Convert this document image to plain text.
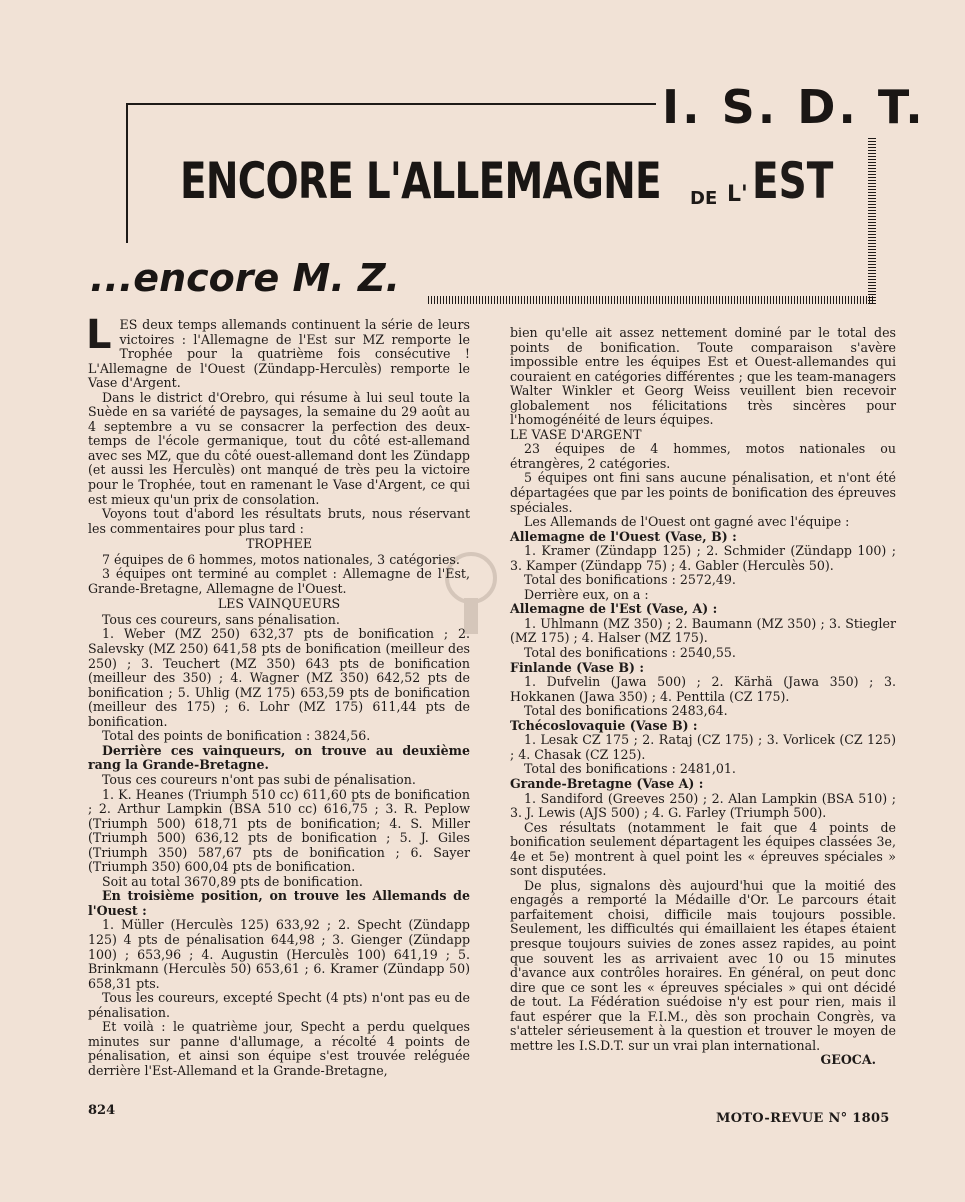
I. S. D. T.
ENCORE L'ALLEMAGNE	DE L' EST
...encore M. Z.

LES deux temps allemands continuent la série de leurs victoires : l'Allemagne de l'Est sur MZ remporte le Trophée pour la quatrième fois consécutive ! L'Allemagne de l'Ouest (Zündapp-Herculès) remporte le Vase d'Argent.

Dans le district d'Orebro, qui résume à lui seul toute la Suède en sa variété de paysages, la semaine du 29 août au 4 septembre a vu se consacrer la perfection des deux-temps de l'école germanique, tout du côté est-allemand avec ses MZ, que du côté ouest-allemand dont les Zündapp (et aussi les Herculès) ont manqué de très peu la victoire pour le Trophée, tout en ramenant le Vase d'Argent, ce qui est mieux qu'un prix de consolation.

Voyons tout d'abord les résultats bruts, nous réservant les commentaires pour plus tard :

TROPHEE

7 équipes de 6 hommes, motos nationales, 3 catégories.

3 équipes ont terminé au complet : Allemagne de l'Est, Grande-Bretagne, Allemagne de l'Ouest.

LES VAINQUEURS

Tous ces coureurs, sans pénalisation.

1. Weber (MZ 250) 632,37 pts de bonification ; 2. Salevsky (MZ 250) 641,58 pts de bonification (meilleur des 250) ; 3. Teuchert (MZ 350) 643 pts de bonification (meilleur des 350) ; 4. Wagner (MZ 350) 642,52 pts de bonification ; 5. Uhlig (MZ 175) 653,59 pts de bonification (meilleur des 175) ; 6. Lohr (MZ 175) 611,44 pts de bonification.

Total des points de bonification : 3824,56.

Derrière ces vainqueurs, on trouve au deuxième rang la Grande-Bretagne.

Tous ces coureurs n'ont pas subi de pénalisation.

1. K. Heanes (Triumph 510 cc) 611,60 pts de bonification ; 2. Arthur Lampkin (BSA 510 cc) 616,75 ; 3. R. Peplow (Triumph 500) 618,71 pts de bonification; 4. S. Miller (Triumph 500) 636,12 pts de bonification ; 5. J. Giles (Triumph 350) 587,67 pts de bonification ; 6. Sayer (Triumph 350) 600,04 pts de bonification.

Soit au total 3670,89 pts de bonification.

En troisième position, on trouve les Allemands de l'Ouest :

1. Müller (Herculès 125) 633,92 ; 2. Specht (Zündapp 125) 4 pts de pénalisation 644,98 ; 3. Gienger (Zündapp 100) ; 653,96 ; 4. Augustin (Herculès 100) 641,19 ; 5. Brinkmann (Herculès 50) 653,61 ; 6. Kramer (Zündapp 50) 658,31 pts.

Tous les coureurs, excepté Specht (4 pts) n'ont pas eu de pénalisation.

Et voilà : le quatrième jour, Specht a perdu quelques minutes sur panne d'allumage, a récolté 4 points de pénalisation, et ainsi son équipe s'est trouvée reléguée derrière l'Est-Allemand et la Grande-Bretagne,

bien qu'elle ait assez nettement dominé par le total des points de bonification. Toute comparaison s'avère impossible entre les équipes Est et Ouest-allemandes qui couraient en catégories différentes ; que les team-managers Walter Winkler et Georg Weiss veuillent bien recevoir globalement nos félicitations très sincères pour l'homogénéité de leurs équipes.

LE VASE D'ARGENT

23 équipes de 4 hommes, motos nationales ou étrangères, 2 catégories.

5 équipes ont fini sans aucune pénalisation, et n'ont été départagées que par les points de bonification des épreuves spéciales.

Les Allemands de l'Ouest ont gagné avec l'équipe :

Allemagne de l'Ouest (Vase, B) :

1. Kramer (Zündapp 125) ; 2. Schmider (Zündapp 100) ; 3. Kamper (Zündapp 75) ; 4. Gabler (Herculès 50).

Total des bonifications : 2572,49.

Derrière eux, on a :

Allemagne de l'Est (Vase, A) :

1. Uhlmann (MZ 350) ; 2. Baumann (MZ 350) ; 3. Stiegler (MZ 175) ; 4. Halser (MZ 175).

Total des bonifications : 2540,55.

Finlande (Vase B) :

1. Dufvelin (Jawa 500) ; 2. Kärhä (Jawa 350) ; 3. Hokkanen (Jawa 350) ; 4. Penttila (CZ 175).

Total des bonifications 2483,64.

Tchécoslovaquie (Vase B) :

1. Lesak CZ 175 ; 2. Rataj (CZ 175) ; 3. Vorlicek (CZ 125) ; 4. Chasak (CZ 125).

Total des bonifications : 2481,01.

Grande-Bretagne (Vase A) :

1. Sandiford (Greeves 250) ; 2. Alan Lampkin (BSA 510) ; 3. J. Lewis (AJS 500) ; 4. G. Farley (Triumph 500).

Ces résultats (notamment le fait que 4 points de bonification seulement départagent les équipes classées 3e, 4e et 5e) montrent à quel point les « épreuves spéciales » sont disputées.

De plus, signalons dès aujourd'hui que la moitié des engagés a remporté la Médaille d'Or. Le parcours était parfaitement choisi, difficile mais toujours possible. Seulement, les difficultés qui émaillaient les étapes étaient presque toujours suivies de zones assez rapides, au point que souvent les as arrivaient avec 10 ou 15 minutes d'avance aux contrôles horaires. En général, on peut donc dire que ce sont les « épreuves spéciales » qui ont décidé de tout. La Fédération suédoise n'y est pour rien, mais il faut espérer que la F.I.M., dès son prochain Congrès, va s'atteler sérieusement à la question et trouver le moyen de mettre les I.S.D.T. sur un vrai plan international.

GEOCA.

824
MOTO-REVUE N° 1805
